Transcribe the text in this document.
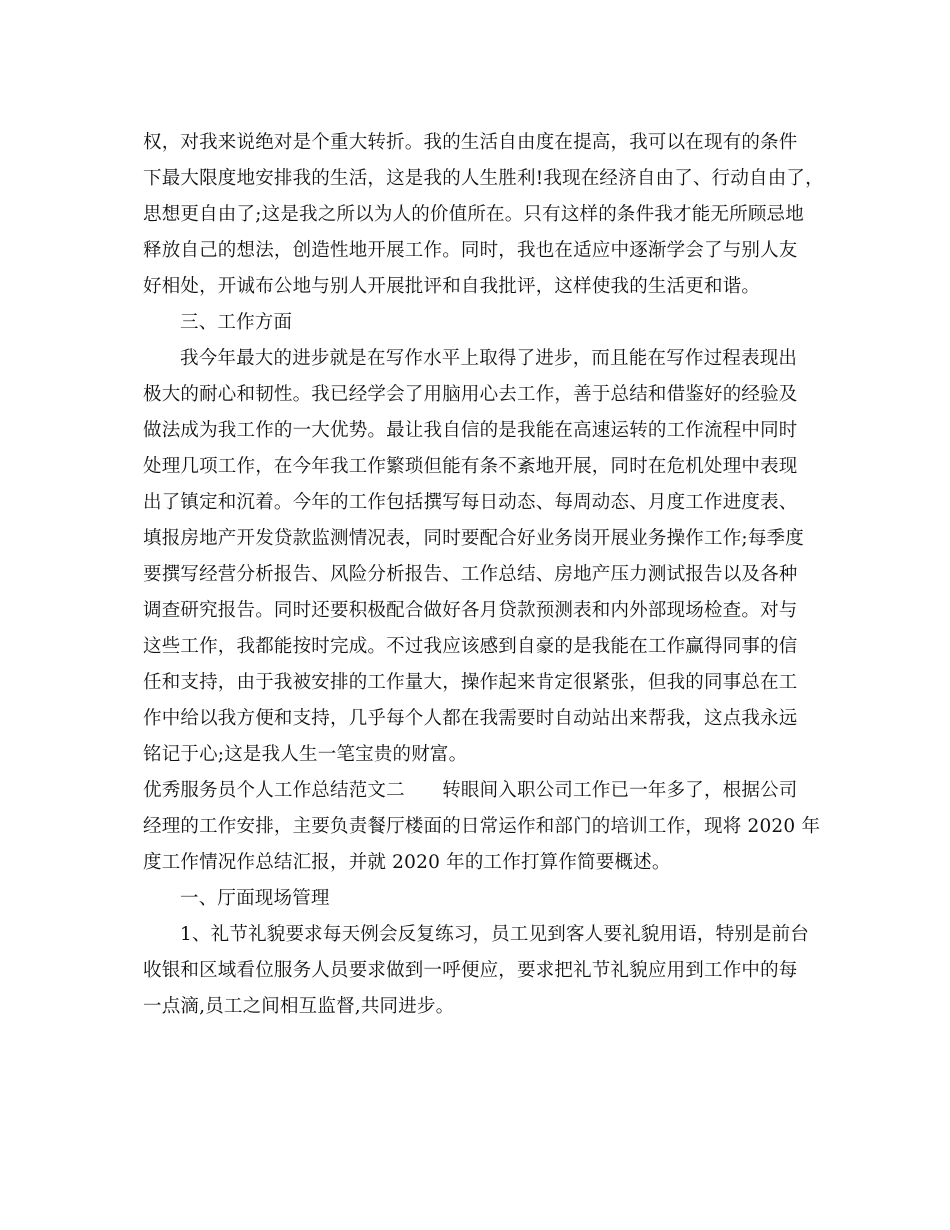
权，对我来说绝对是个重大转折。我的生活自由度在提高，我可以在现有的条件
下最大限度地安排我的生活，这是我的人生胜利!我现在经济自由了、行动自由了，
思想更自由了;这是我之所以为人的价值所在。只有这样的条件我才能无所顾忌地
释放自己的想法，创造性地开展工作。同时，我也在适应中逐渐学会了与别人友
好相处，开诚布公地与别人开展批评和自我批评，这样使我的生活更和谐。
三、工作方面
我今年最大的进步就是在写作水平上取得了进步，而且能在写作过程表现出
极大的耐心和韧性。我已经学会了用脑用心去工作，善于总结和借鉴好的经验及
做法成为我工作的一大优势。最让我自信的是我能在高速运转的工作流程中同时
处理几项工作，在今年我工作繁琐但能有条不紊地开展，同时在危机处理中表现
出了镇定和沉着。今年的工作包括撰写每日动态、每周动态、月度工作进度表、
填报房地产开发贷款监测情况表，同时要配合好业务岗开展业务操作工作;每季度
要撰写经营分析报告、风险分析报告、工作总结、房地产压力测试报告以及各种
调查研究报告。同时还要积极配合做好各月贷款预测表和内外部现场检查。对与
这些工作，我都能按时完成。不过我应该感到自豪的是我能在工作赢得同事的信
任和支持，由于我被安排的工作量大，操作起来肯定很紧张，但我的同事总在工
作中给以我方便和支持，几乎每个人都在我需要时自动站出来帮我，这点我永远
铭记于心;这是我人生一笔宝贵的财富。
优秀服务员个人工作总结范文二　　转眼间入职公司工作已一年多了，根据公司
经理的工作安排，主要负责餐厅楼面的日常运作和部门的培训工作，现将 2020 年
度工作情况作总结汇报，并就 2020 年的工作打算作简要概述。
一、厅面现场管理
1、礼节礼貌要求每天例会反复练习，员工见到客人要礼貌用语，特别是前台
收银和区域看位服务人员要求做到一呼便应，要求把礼节礼貌应用到工作中的每
一点滴,员工之间相互监督,共同进步。
